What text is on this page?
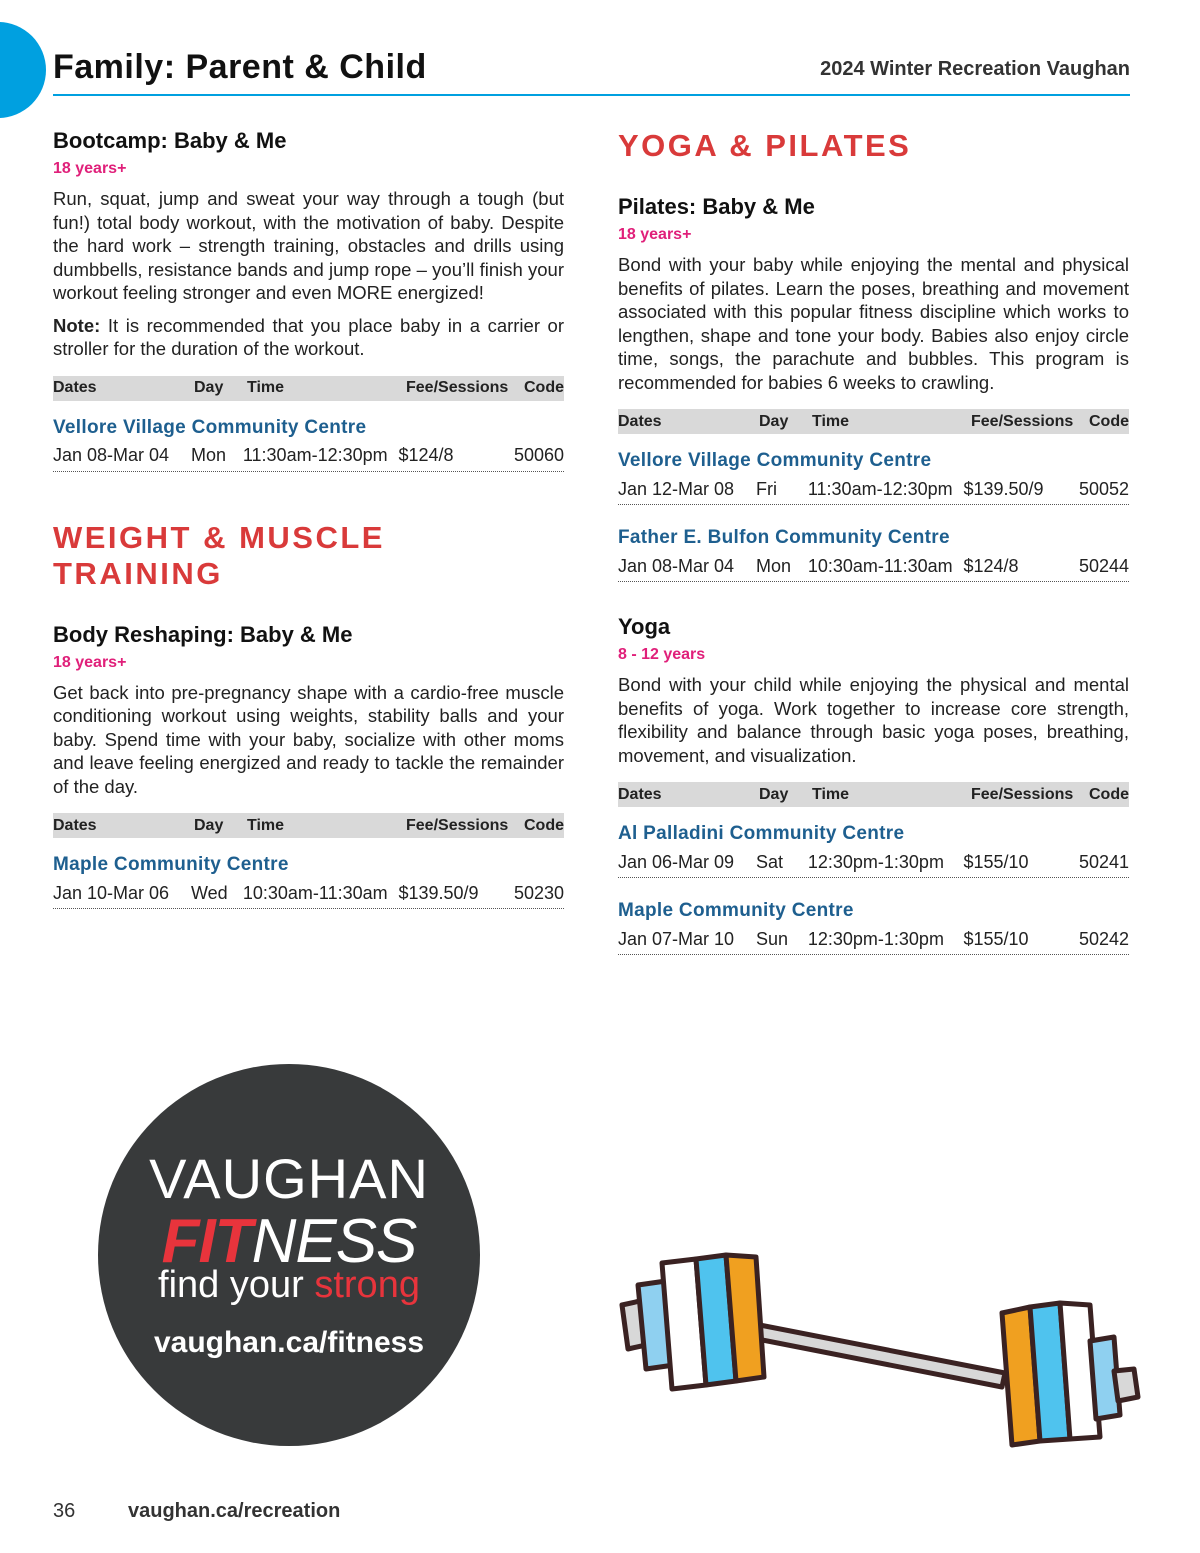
Family: Parent & Child	2024 Winter Recreation Vaughan
Bootcamp: Baby & Me
18 years+
Run, squat, jump and sweat your way through a tough (but fun!) total body workout, with the motivation of baby. Despite the hard work – strength training, obstacles and drills using dumbbells, resistance bands and jump rope – you’ll finish your workout feeling stronger and even MORE energized!
Note: It is recommended that you place baby in a carrier or stroller for the duration of the workout.
Dates	Day	Time	Fee/Sessions Code
Vellore Village Community Centre
Jan 08-Mar 04	Mon 11:30am-12:30pm $124/8	50060
WEIGHT & MUSCLE TRAINING
Body Reshaping: Baby & Me
18 years+
Get back into pre-pregnancy shape with a cardio-free muscle conditioning workout using weights, stability balls and your baby. Spend time with your baby, socialize with other moms and leave feeling energized and ready to tackle the remainder of the day.
Dates	Day	Time	Fee/Sessions Code
Maple Community Centre
Jan 10-Mar 06	Wed 10:30am-11:30am $139.50/9	50230
YOGA & PILATES
Pilates: Baby & Me
18 years+
Bond with your baby while enjoying the mental and physical benefits of pilates. Learn the poses, breathing and movement associated with this popular fitness discipline which works to lengthen, shape and tone your body. Babies also enjoy circle time, songs, the parachute and bubbles. This program is recommended for babies 6 weeks to crawling.
Dates	Day	Time	Fee/Sessions Code
Vellore Village Community Centre
Jan 12-Mar 08	Fri	11:30am-12:30pm $139.50/9	50052
Father E. Bulfon Community Centre
Jan 08-Mar 04	Mon 10:30am-11:30am $124/8	50244
Yoga
8 - 12 years
Bond with your child while enjoying the physical and mental benefits of yoga. Work together to increase core strength, flexibility and balance through basic yoga poses, breathing, movement, and visualization.
Dates	Day	Time	Fee/Sessions Code
Al Palladini Community Centre
Jan 06-Mar 09	Sat	12:30pm-1:30pm	$155/10	50241
Maple Community Centre
Jan 07-Mar 10	Sun	12:30pm-1:30pm	$155/10	50242
VAUGHAN
FITNESS
find your strong
vaughan.ca/fitness
36	vaughan.ca/recreation
